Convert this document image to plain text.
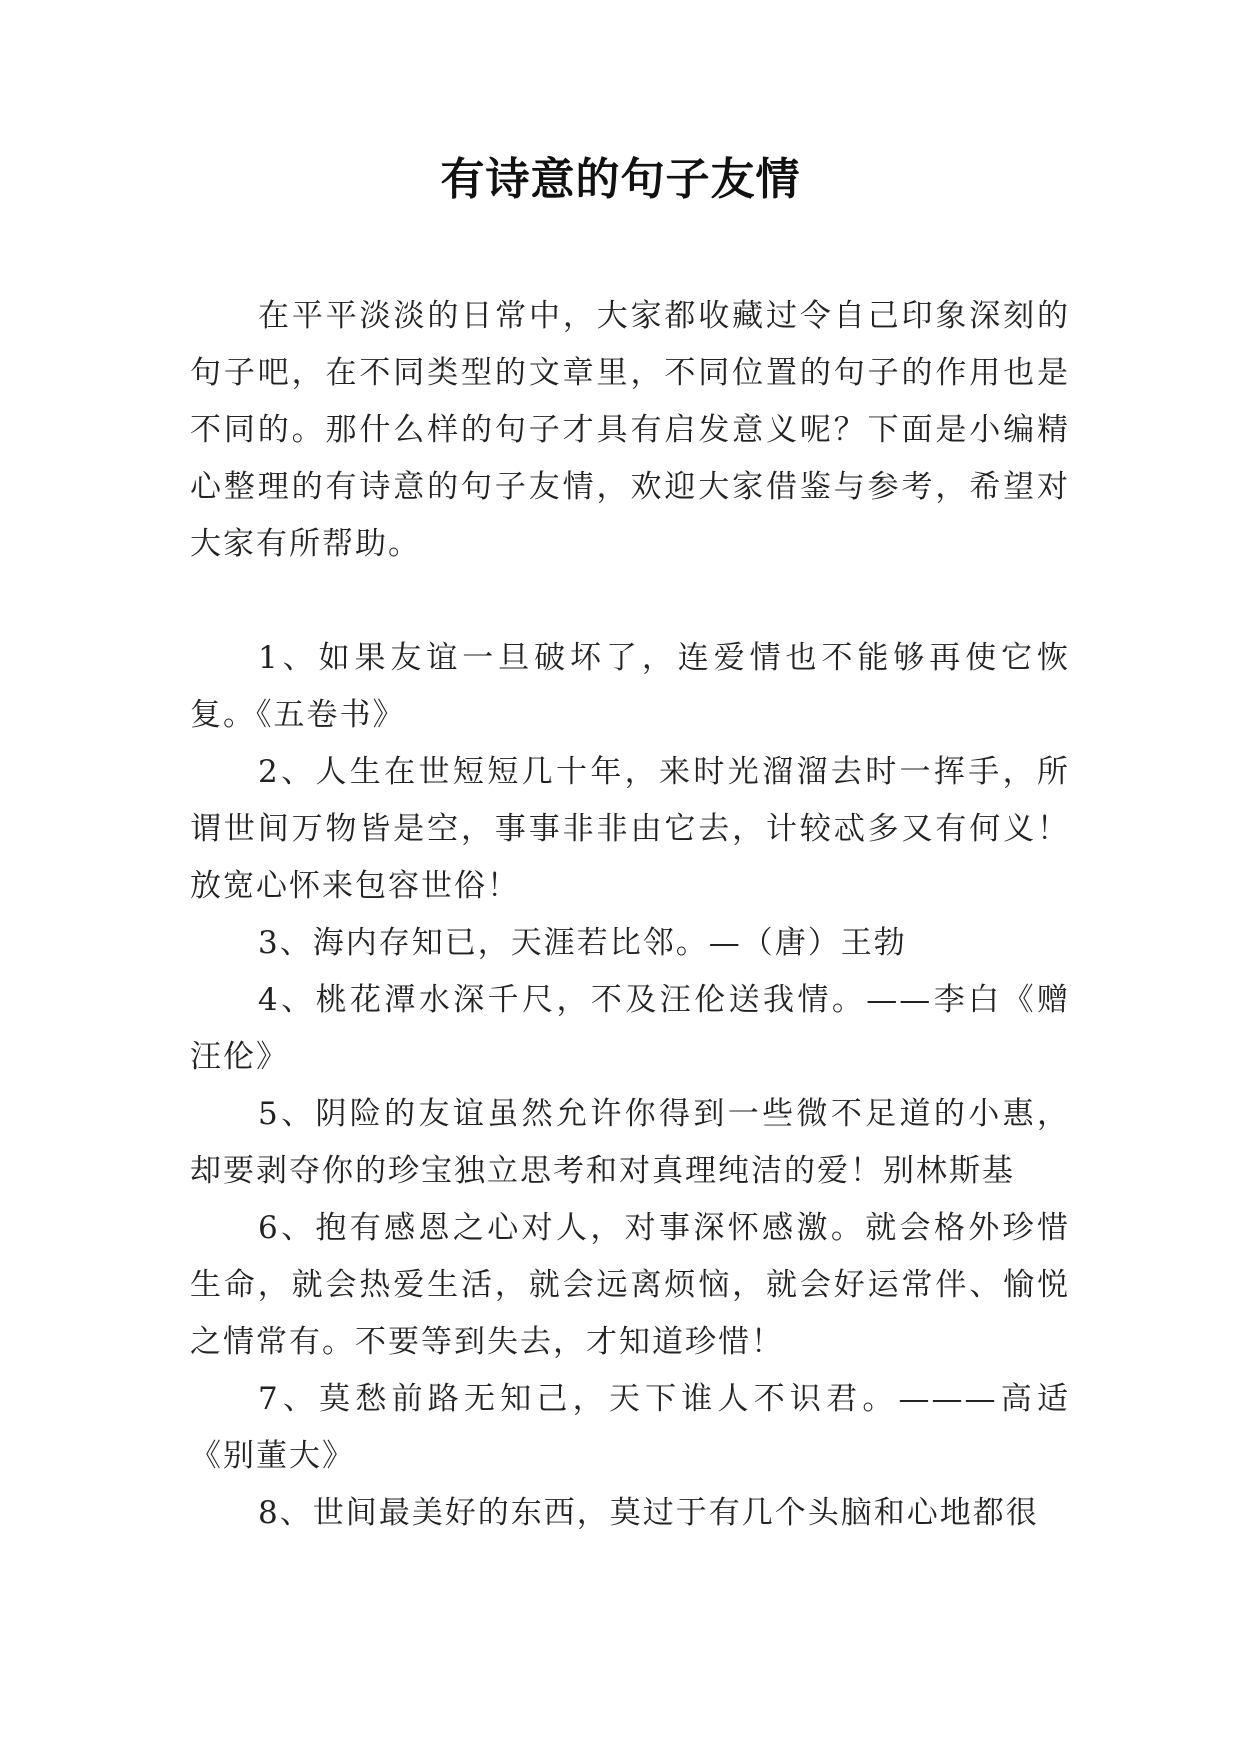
有诗意的句子友情

在平平淡淡的日常中，大家都收藏过令自己印象深刻的句子吧，在不同类型的文章里，不同位置的句子的作用也是不同的。那什么样的句子才具有启发意义呢？下面是小编精心整理的有诗意的句子友情，欢迎大家借鉴与参考，希望对大家有所帮助。

1、如果友谊一旦破坏了，连爱情也不能够再使它恢复。《五卷书》

2、人生在世短短几十年，来时光溜溜去时一挥手，所谓世间万物皆是空，事事非非由它去，计较忒多又有何义！放宽心怀来包容世俗！

3、海内存知已，天涯若比邻。—（唐）王勃

4、桃花潭水深千尺，不及汪伦送我情。——李白《赠汪伦》

5、阴险的友谊虽然允许你得到一些微不足道的小惠，却要剥夺你的珍宝独立思考和对真理纯洁的爱！别林斯基

6、抱有感恩之心对人，对事深怀感激。就会格外珍惜生命，就会热爱生活，就会远离烦恼，就会好运常伴、愉悦之情常有。不要等到失去，才知道珍惜！

7、莫愁前路无知己，天下谁人不识君。———高适《别董大》

8、世间最美好的东西，莫过于有几个头脑和心地都很
